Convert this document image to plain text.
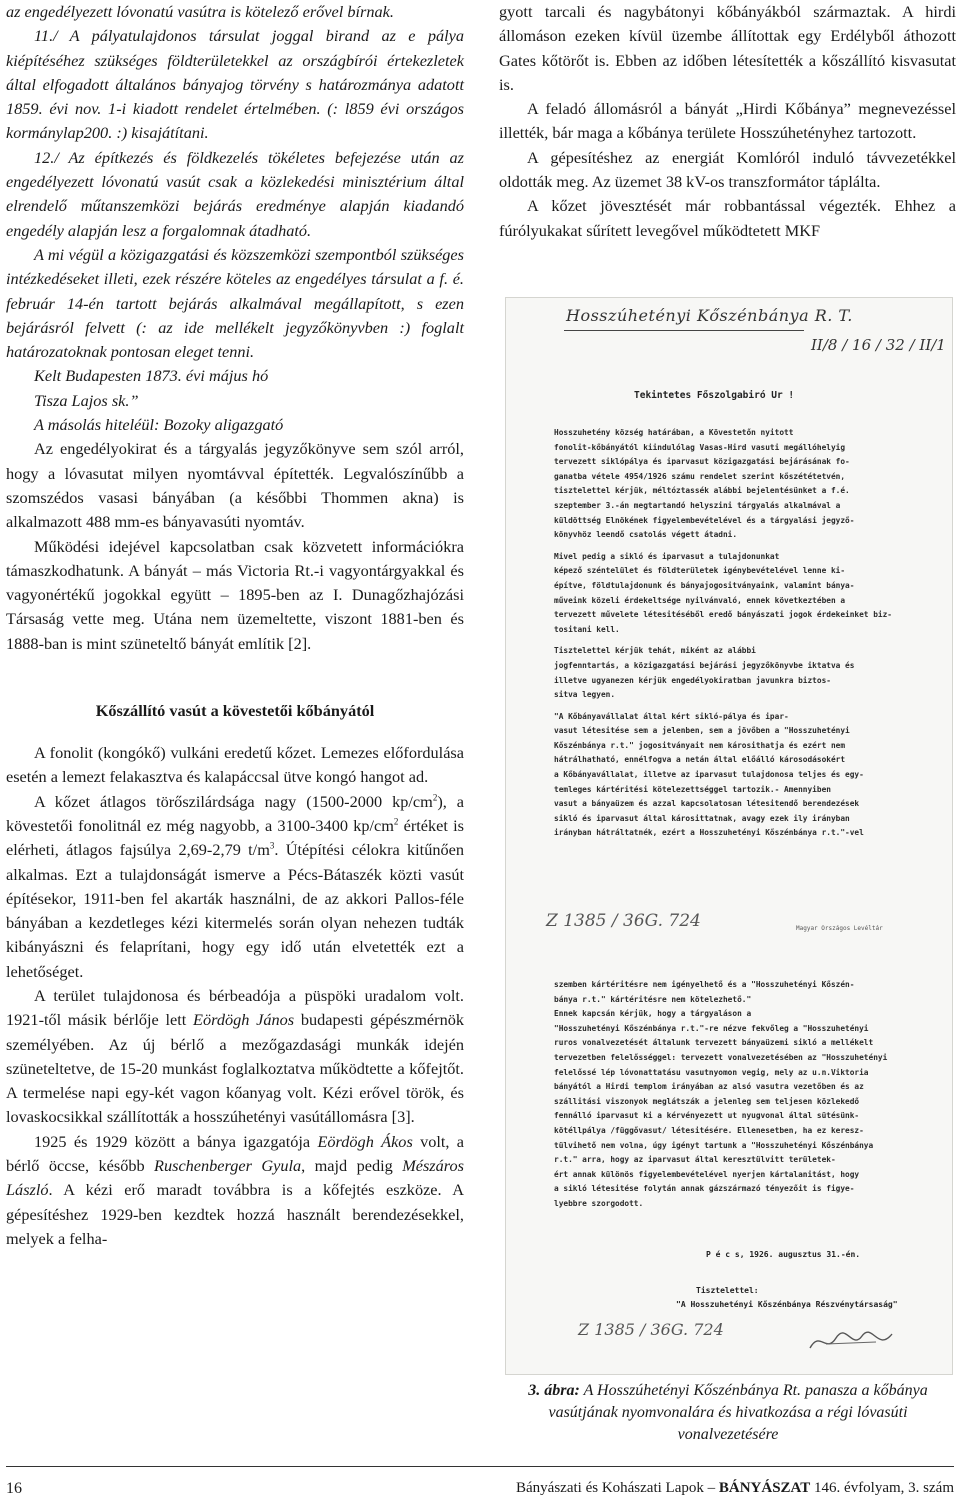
az engedélyezett lóvonatú vasútra is kötelező erővel bírnak.

11./ A pályatulajdonos társulat joggal birand az e pálya kiépítéséhez szükséges földterületekkel az országbírói értekezletek által elfogadott általános bányajog törvény s határozmánya adatott 1859. évi nov. 1-i kiadott rendelet értelmében. (: l859 évi országos kormánylap200. :) kisajátítani.

12./ Az építkezés és földkezelés tökéletes befejezése után az engedélyezett lóvonatú vasút csak a közlekedési minisztérium által elrendelő műtanszemközi bejárás eredménye alapján kiadandó engedély alapján lesz a forgalomnak átadható.

A mi végül a közigazgatási és közszemközi szempontból szükséges intézkedéseket illeti, ezek részére köteles az engedélyes társulat a f. é. február 14-én tartott bejárás alkalmával megállapított, s ezen bejárásról felvett (: az ide mellékelt jegyzőkönyvben :) foglalt határozatoknak pontosan eleget tenni.

Kelt Budapesten 1873. évi május hó

Tisza Lajos sk.”

A másolás hiteléül: Bozoky aligazgató

Az engedélyokirat és a tárgyalás jegyzőkönyve sem szól arról, hogy a lóvasutat milyen nyomtávval építették. Legvalószínűbb a szomszédos vasasi bányában (a későbbi Thommen akna) is alkalmazott 488 mm-es bányavasúti nyomtáv.

Működési idejével kapcsolatban csak közvetett információkra támaszkodhatunk. A bányát – más Victoria Rt.-i vagyontárgyakkal és vagyonértékű jogokkal együtt – 1895-ben az I. Dunagőzhajózási Társaság vette meg. Utána nem üzemeltette, viszont 1881-ben és 1888-ban is mint szüneteltő bányát említik [2].

Kőszállító vasút a kövestetői kőbányától

A fonolit (kongókő) vulkáni eredetű kőzet. Lemezes előfordulása esetén a lemezt felakasztva és kalapáccsal ütve kongó hangot ad.

A kőzet átlagos törőszilárdsága nagy (1500-2000 $kp/cm^2$), a kövestetői fonolitnál ez még nagyobb, a 3100-3400 $kp/cm^2$ értéket is elérheti, átlagos fajsúlya 2,69-2,79 $t/m^3$. Útépítési célokra kitűnően alkalmas. Ezt a tulajdonságát ismerve a Pécs-Bátaszék közti vasút építésekor, 1911-ben fel akarták használni, de az akkori Pallos-féle bányában a kezdetleges kézi kitermelés során olyan nehezen tudták kibányászni és felaprítani, hogy egy idő után elvetették ezt a lehetőséget.

A terület tulajdonosa és bérbeadója a püspöki uradalom volt. 1921-től másik bérlője lett Eördögh János budapesti gépészmérnök személyében. Az új bérlő a mezőgazdasági munkák idején szüneteltetve, de 15-20 munkást foglalkoztatva működtette a kőfejtőt. A termelése napi egy-két vagon kőanyag volt. Kézi erővel török, és lovaskocsikkal szállították a hosszúhetényi vasútállomásra [3].

1925 és 1929 között a bánya igazgatója Eördögh Ákos volt, a bérlő öccse, később Ruschenberger Gyula, majd pedig Mészáros László. A kézi erő maradt továbbra is a kőfejtés eszköze. A gépesítéshez 1929-ben kezdtek hozzá használt berendezésekkel, melyek a felha-

gyott tarcali és nagybátonyi kőbányákból származtak. A hirdi állomáson ezeken kívül üzembe állítottak egy Erdélyből áthozott Gates kőtörőt is. Ebben az időben létesítették a kőszállító kisvasutat is.

A feladó állomásról a bányát „Hirdi Kőbánya” megnevezéssel illették, bár maga a kőbánya területe Hosszúhetényhez tartozott.

A gépesítéshez az energiát Komlóról induló távvezetékkel oldották meg. Az üzemet 38 kV-os transzformátor táplálta.

A kőzet jövesztését már robbantással végezték. Ehhez a fúrólyukakat sűrített levegővel működtetett MKF

Hosszúhetényi Kőszénbánya R. T.
II/8 / 16 / 32 / II/1
Tekintetes Főszolgabiró Ur !

Hosszuhetény község határában, a Kövestetőn nyitott

fonolit-kőbányától kiindulólag Vasas-Hird vasuti megállóhelyig

tervezett siklópálya és iparvasut közigazgatási bejárásának fo-

ganatba vétele 4954/1926 számu rendelet szerint kőszététetvén,

tisztelettel kérjük, méltóztassék alábbi bejelentésünket a f.é.

szeptember 3.-án megtartandó helyszini tárgyalás alkalmával a

küldöttség Elnökének figyelembevételével és a tárgyalási jegyző-

könyvhöz leendő csatolás végett átadni.

Mivel pedig a sikló és iparvasut a tulajdonunkat

képező széntelület és földterületek igénybevételével lenne ki-

építve, földtulajdonunk és bányajogositványaink, valamint bánya-

műveink közeli érdekeltsége nyilvánvaló, ennek következtében a

tervezett művelete létesitéséből eredő bányászati jogok érdekeinket biz-

tositani kell.

Tisztelettel kérjük tehát, miként az alábbi

jogfenntartás, a közigazgatási bejárási jegyzőkönyvbe iktatva és

illetve ugyanezen kérjük engedélyokiratban javunkra biztos-

sitva legyen.

"A Kőbányavállalat által kért sikló-pálya és ipar-

vasut létesitése sem a jelenben, sem a jövőben a "Hosszuhetényi

Kőszénbánya r.t." jogositványait nem károsithatja és ezért nem

hátrálhatható, ennélfogva a netán által előálló károsodásokért

a Kőbányavállalat, illetve az iparvasut tulajdonosa teljes és egy-

temleges kártéritési kötelezettséggel tartozik.- Amennyiben

vasut a bányaüzem és azzal kapcsolatosan létesitendő berendezések

sikló és iparvasut által károsittatnak, avagy ezek ily irányban

irányban hátráltatnék, ezért a Hosszuhetényi Kőszénbánya r.t."-vel

Z 1385 / 36G. 724	Magyar Országos Levéltár

szemben kártéritésre nem igényelhető és a "Hosszuhetényi Kőszén-

bánya r.t." kártéritésre nem kötelezhető."

Ennek kapcsán kérjük, hogy a tárgyaláson a

"Hosszuhetényi Kőszénbánya r.t."-re nézve fekvőleg a "Hosszuhetényi

ruros vonalvezetését általunk tervezett bányaüzemi sikló a mellékelt

tervezetben felelősséggel: tervezett vonalvezetésében az "Hosszuhetényi

felelőssé lép lóvonattatásu vasutnyomon vegig, mely az u.n.Viktoria

bányától a Hirdi templom irányában az alsó vasutra vezetőben és az

szállitási viszonyok meglátszák a jelenleg sem teljesen közlekedő

fennálló iparvasut ki a kérvényezett ut nyugvonal által sütésünk-

kötéllpálya /függővasut/ létesitésére. Ellenesetben, ha ez keresz-

tülvihető nem volna, úgy igényt tartunk a "Hosszuhetényi Kőszénbánya

r.t." arra, hogy az iparvasut által keresztülvitt területek-

ért annak különös figyelembevételével nyerjen kártalanitást, hogy

a sikló létesitése folytán annak gázszármazó tényezőit is figye-

lyebbre szorgodott.

P é c s, 1926. augusztus 31.-én.
Tisztelettel:
"A Hosszuhetényi Kőszénbánya Részvénytársaság"
Z 1385 / 36G. 724
3. ábra: A Hosszúhetényi Kőszénbánya Rt. panasza a kőbánya vasútjának nyomvonalára és hivatkozása a régi lóvasúti vonalvezetésére
16	Bányászati és Kohászati Lapok – BÁNYÁSZAT 146. évfolyam, 3. szám
